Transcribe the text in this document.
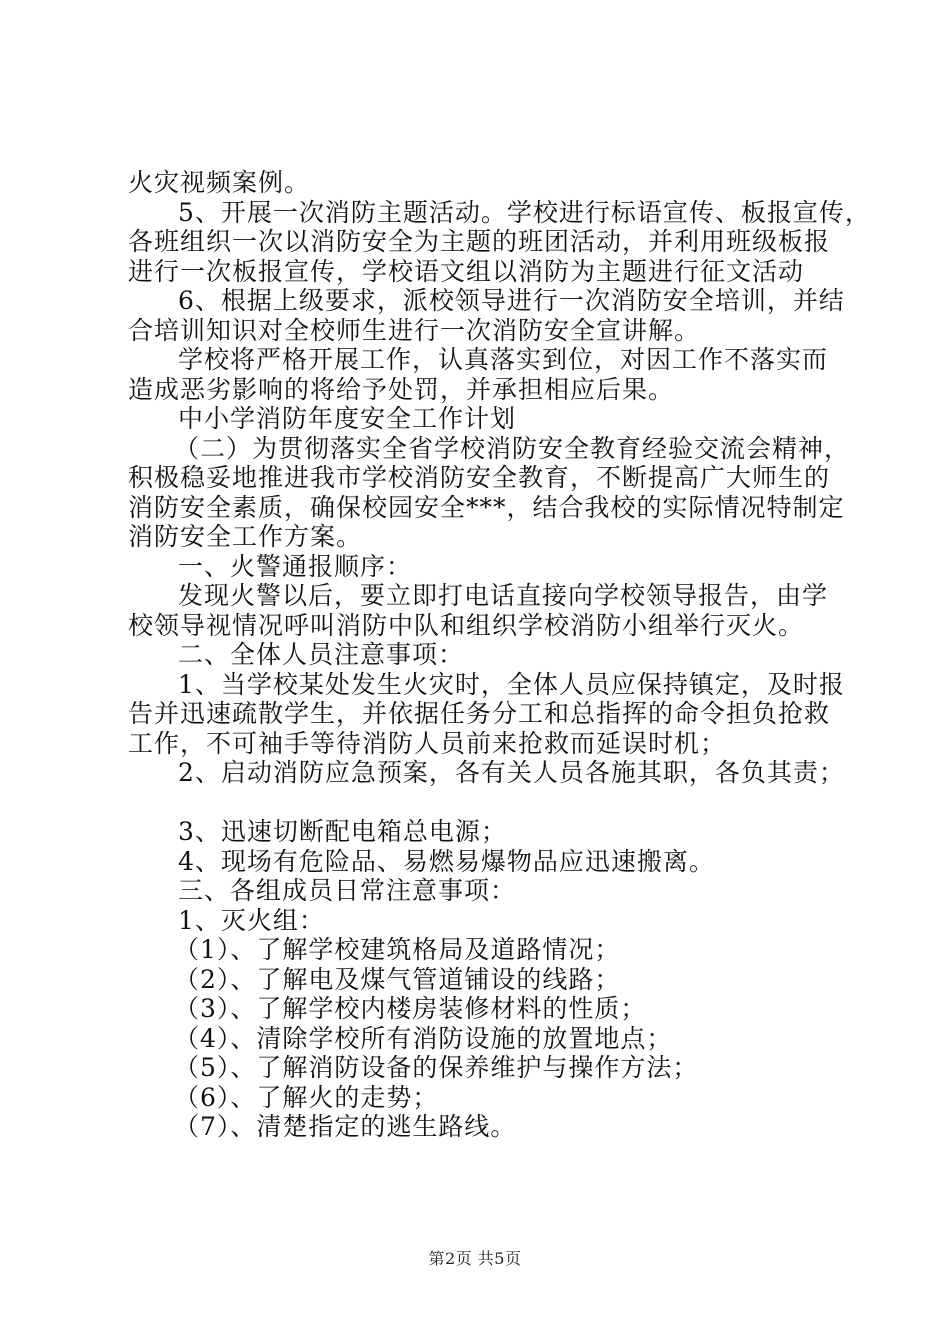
火灾视频案例。
5、开展一次消防主题活动。学校进行标语宣传、板报宣传，
各班组织一次以消防安全为主题的班团活动，并利用班级板报
进行一次板报宣传，学校语文组以消防为主题进行征文活动
6、根据上级要求，派校领导进行一次消防安全培训，并结
合培训知识对全校师生进行一次消防安全宣讲解。
学校将严格开展工作，认真落实到位，对因工作不落实而
造成恶劣影响的将给予处罚，并承担相应后果。
中小学消防年度安全工作计划
（二）为贯彻落实全省学校消防安全教育经验交流会精神，
积极稳妥地推进我市学校消防安全教育，不断提高广大师生的
消防安全素质，确保校园安全***，结合我校的实际情况特制定
消防安全工作方案。
一、火警通报顺序：
发现火警以后，要立即打电话直接向学校领导报告，由学
校领导视情况呼叫消防中队和组织学校消防小组举行灭火。
二、全体人员注意事项：
1、当学校某处发生火灾时，全体人员应保持镇定，及时报
告并迅速疏散学生，并依据任务分工和总指挥的命令担负抢救
工作，不可袖手等待消防人员前来抢救而延误时机；
2、启动消防应急预案，各有关人员各施其职，各负其责；
3、迅速切断配电箱总电源；
4、现场有危险品、易燃易爆物品应迅速搬离。
三、各组成员日常注意事项：
1、灭火组：
（1）、了解学校建筑格局及道路情况；
（2）、了解电及煤气管道铺设的线路；
（3）、了解学校内楼房装修材料的性质；
（4）、清除学校所有消防设施的放置地点；
（5）、了解消防设备的保养维护与操作方法；
（6）、了解火的走势；
（7）、清楚指定的逃生路线。
第2页 共5页
